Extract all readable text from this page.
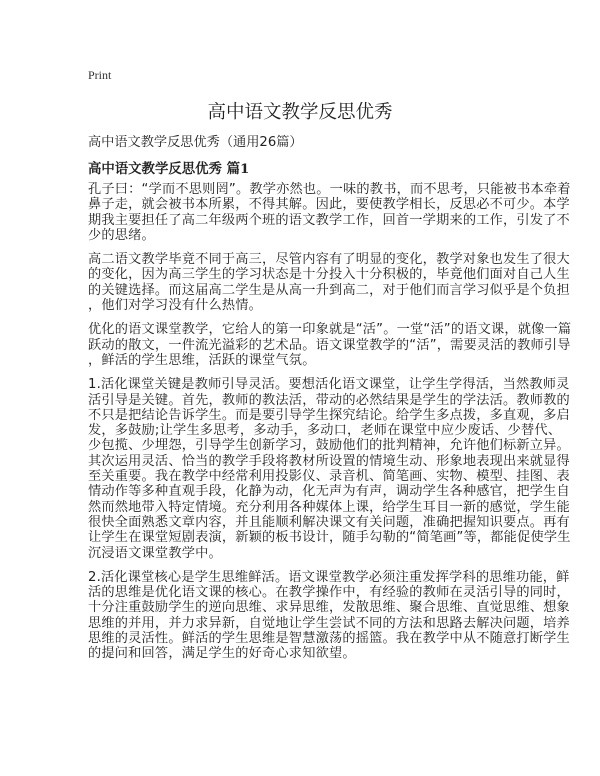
Print
高中语文教学反思优秀
高中语文教学反思优秀（通用26篇）
高中语文教学反思优秀 篇1
孔子曰：“学而不思则罔”。教学亦然也。一味的教书，而不思考，只能被书本牵着
鼻子走，就会被书本所累，不得其解。因此，要使教学相长，反思必不可少。本学
期我主要担任了高二年级两个班的语文教学工作，回首一学期来的工作，引发了不
少的思绪。
高二语文教学毕竟不同于高三，尽管内容有了明显的变化，教学对象也发生了很大
的变化，因为高三学生的学习状态是十分投入十分积极的，毕竟他们面对自己人生
的关键选择。而这届高二学生是从高一升到高二，对于他们而言学习似乎是个负担
，他们对学习没有什么热情。
优化的语文课堂教学，它给人的第一印象就是“活”。一堂“活”的语文课，就像一篇
跃动的散文，一件流光溢彩的艺术品。语文课堂教学的“活”，需要灵活的教师引导
，鲜活的学生思维，活跃的课堂气氛。
1.活化课堂关键是教师引导灵活。要想活化语文课堂，让学生学得活，当然教师灵
活引导是关键。首先，教师的教法活，带动的必然结果是学生的学法活。教师教的
不只是把结论告诉学生。而是要引导学生探究结论。给学生多点拨，多直观，多启
发，多鼓励;让学生多思考，多动手，多动口，老师在课堂中应少废话、少替代、
少包揽、少埋怨，引导学生创新学习，鼓励他们的批判精神，允许他们标新立异。
其次运用灵活、恰当的教学手段将教材所设置的情境生动、形象地表现出来就显得
至关重要。我在教学中经常利用投影仪、录音机、简笔画、实物、模型、挂图、表
情动作等多种直观手段，化静为动，化无声为有声，调动学生各种感官，把学生自
然而然地带入特定情境。充分利用各种媒体上课，给学生耳目一新的感觉，学生能
很快全面熟悉文章内容，并且能顺利解决课文有关问题，准确把握知识要点。再有
让学生在课堂短剧表演，新颖的板书设计，随手勾勒的“简笔画”等，都能促使学生
沉浸语文课堂教学中。
2.活化课堂核心是学生思维鲜活。语文课堂教学必须注重发挥学科的思维功能，鲜
活的思维是优化语文课的核心。在教学操作中，有经验的教师在灵活引导的同时，
十分注重鼓励学生的逆向思维、求异思维，发散思维、聚合思维、直觉思维、想象
思维的并用，并力求异新，自觉地让学生尝试不同的方法和思路去解决问题，培养
思维的灵活性。鲜活的学生思维是智慧激荡的摇篮。我在教学中从不随意打断学生
的提问和回答，满足学生的好奇心求知欲望。
